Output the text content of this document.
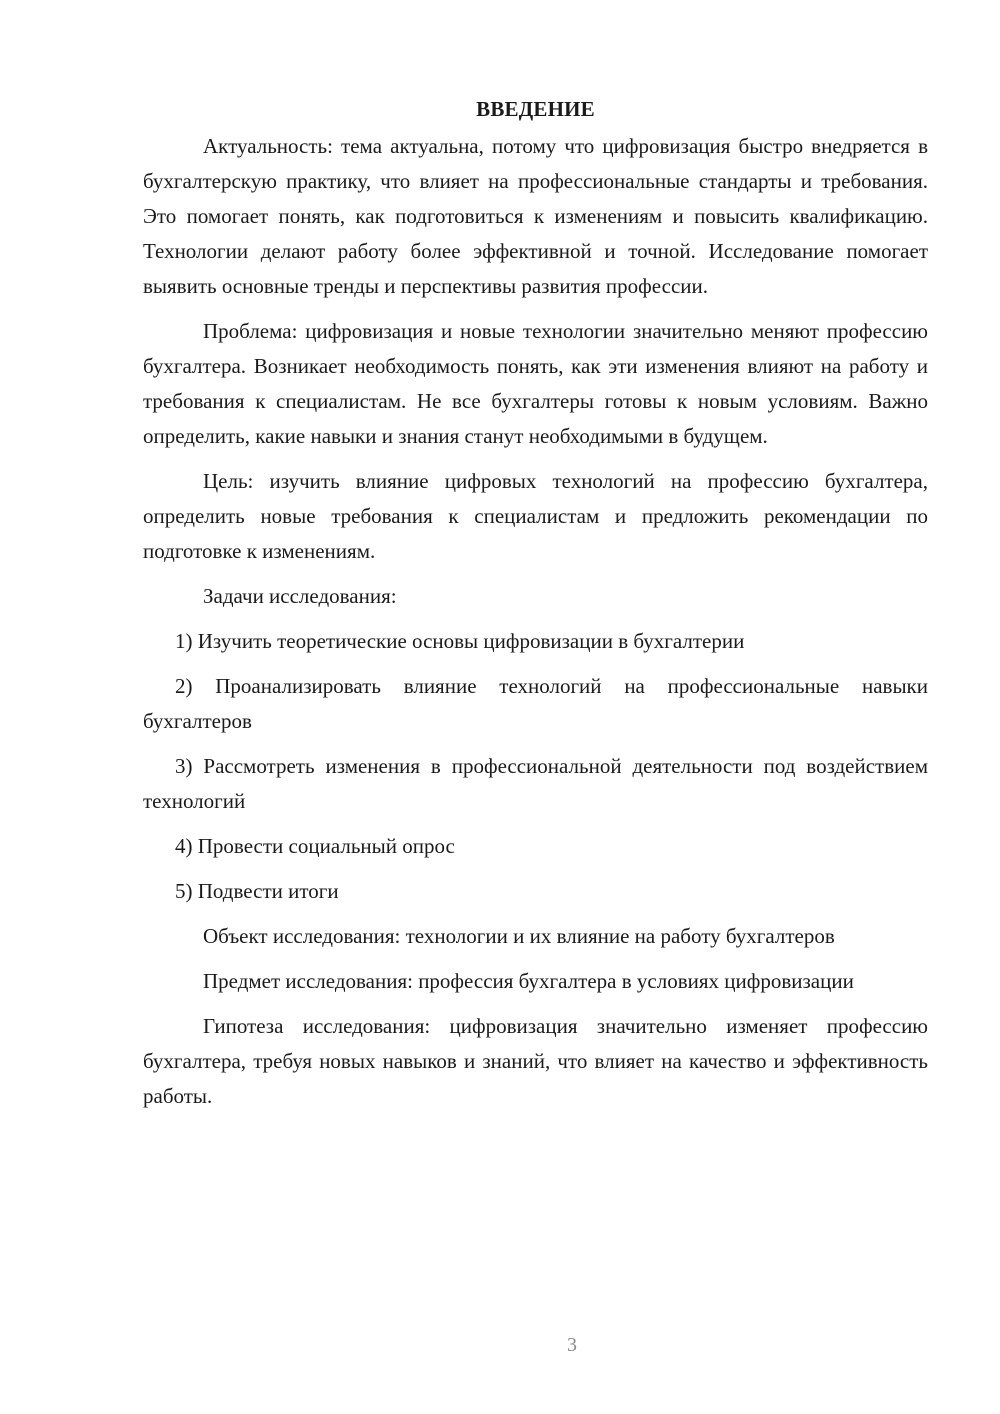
ВВЕДЕНИЕ

Актуальность: тема актуальна, потому что цифровизация быстро внедряется в бухгалтерскую практику, что влияет на профессиональные стандарты и требования. Это помогает понять, как подготовиться к изменениям и повысить квалификацию. Технологии делают работу более эффективной и точной. Исследование помогает выявить основные тренды и перспективы развития профессии.

Проблема: цифровизация и новые технологии значительно меняют профессию бухгалтера. Возникает необходимость понять, как эти изменения влияют на работу и требования к специалистам. Не все бухгалтеры готовы к новым условиям. Важно определить, какие навыки и знания станут необходимыми в будущем.

Цель: изучить влияние цифровых технологий на профессию бухгалтера, определить новые требования к специалистам и предложить рекомендации по подготовке к изменениям.

Задачи исследования:

1) Изучить теоретические основы цифровизации в бухгалтерии

2) Проанализировать влияние технологий на профессиональные навыки бухгалтеров

3) Рассмотреть изменения в профессиональной деятельности под воздействием технологий

4) Провести социальный опрос

5) Подвести итоги

Объект исследования: технологии и их влияние на работу бухгалтеров

Предмет исследования: профессия бухгалтера в условиях цифровизации

Гипотеза исследования: цифровизация значительно изменяет профессию бухгалтера, требуя новых навыков и знаний, что влияет на качество и эффективность работы.

3
